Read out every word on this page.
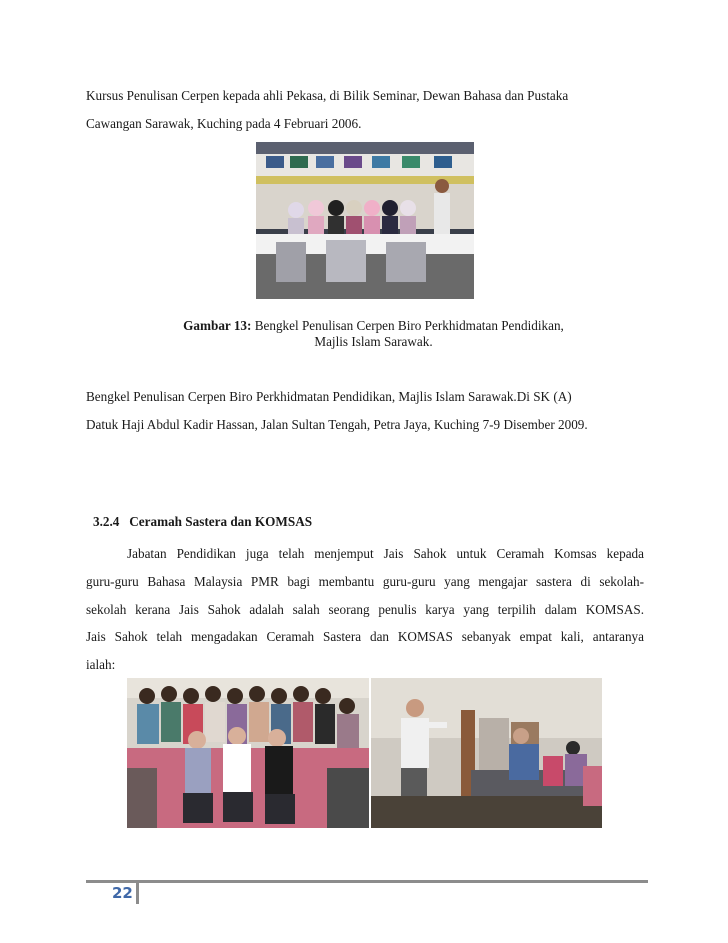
Kursus Penulisan Cerpen kepada ahli Pekasa, di Bilik Seminar, Dewan Bahasa dan Pustaka
Cawangan Sarawak, Kuching pada 4 Februari 2006.
Gambar 13: Bengkel Penulisan Cerpen Biro Perkhidmatan Pendidikan,
Majlis Islam Sarawak.
Bengkel Penulisan Cerpen Biro Perkhidmatan Pendidikan, Majlis Islam Sarawak.Di SK (A)
Datuk Haji Abdul Kadir Hassan, Jalan Sultan Tengah, Petra Jaya, Kuching 7-9 Disember 2009.
3.2.4 Ceramah Sastera dan KOMSAS
Jabatan Pendidikan juga telah menjemput Jais Sahok untuk Ceramah Komsas kepada
guru-guru Bahasa Malaysia PMR bagi membantu guru-guru yang mengajar sastera di sekolah-
sekolah kerana Jais Sahok adalah salah seorang penulis karya yang terpilih dalam KOMSAS.
Jais Sahok telah mengadakan Ceramah Sastera dan KOMSAS sebanyak empat kali, antaranya
ialah:
22
